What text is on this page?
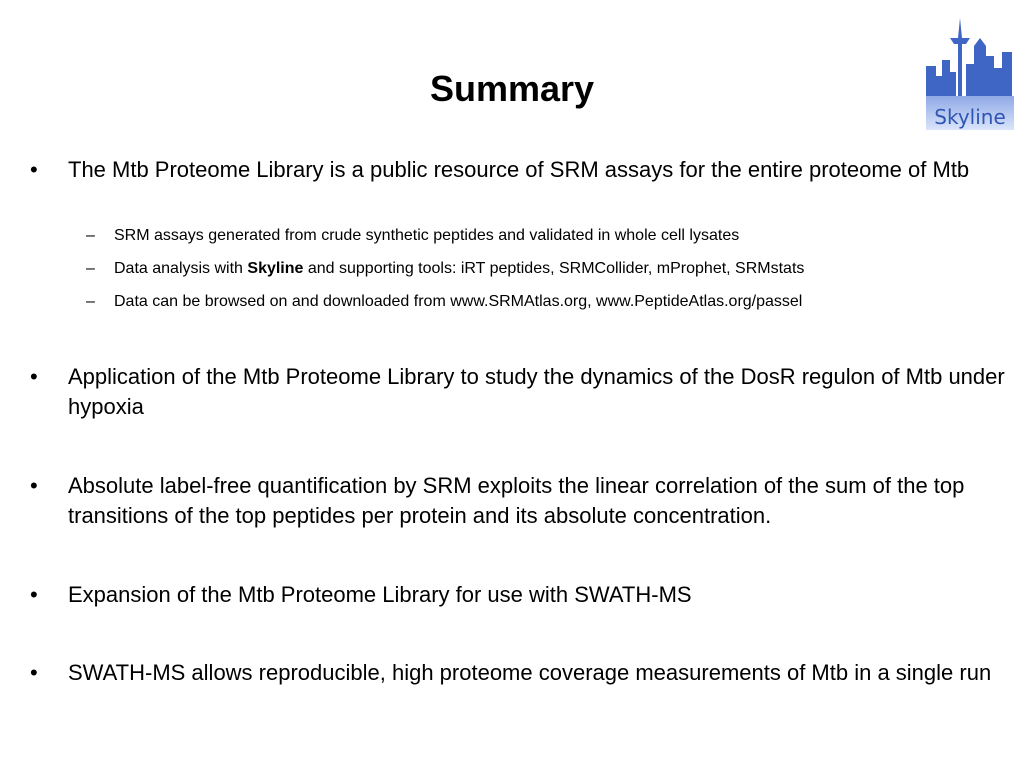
Summary
Skyline
• The Mtb Proteome Library is a public resource of SRM assays for the entire proteome of Mtb
– SRM assays generated from crude synthetic peptides and validated in whole cell lysates
– Data analysis with Skyline and supporting tools: iRT peptides, SRMCollider, mProphet, SRMstats
– Data can be browsed on and downloaded from www.SRMAtlas.org, www.PeptideAtlas.org/passel
• Application of the Mtb Proteome Library to study the dynamics of the DosR regulon of Mtb under hypoxia
• Absolute label-free quantification by SRM exploits the linear correlation of the sum of the top transitions of the top peptides per protein and its absolute concentration.
• Expansion of the Mtb Proteome Library for use with SWATH-MS
• SWATH-MS allows reproducible, high proteome coverage measurements of Mtb in a single run
